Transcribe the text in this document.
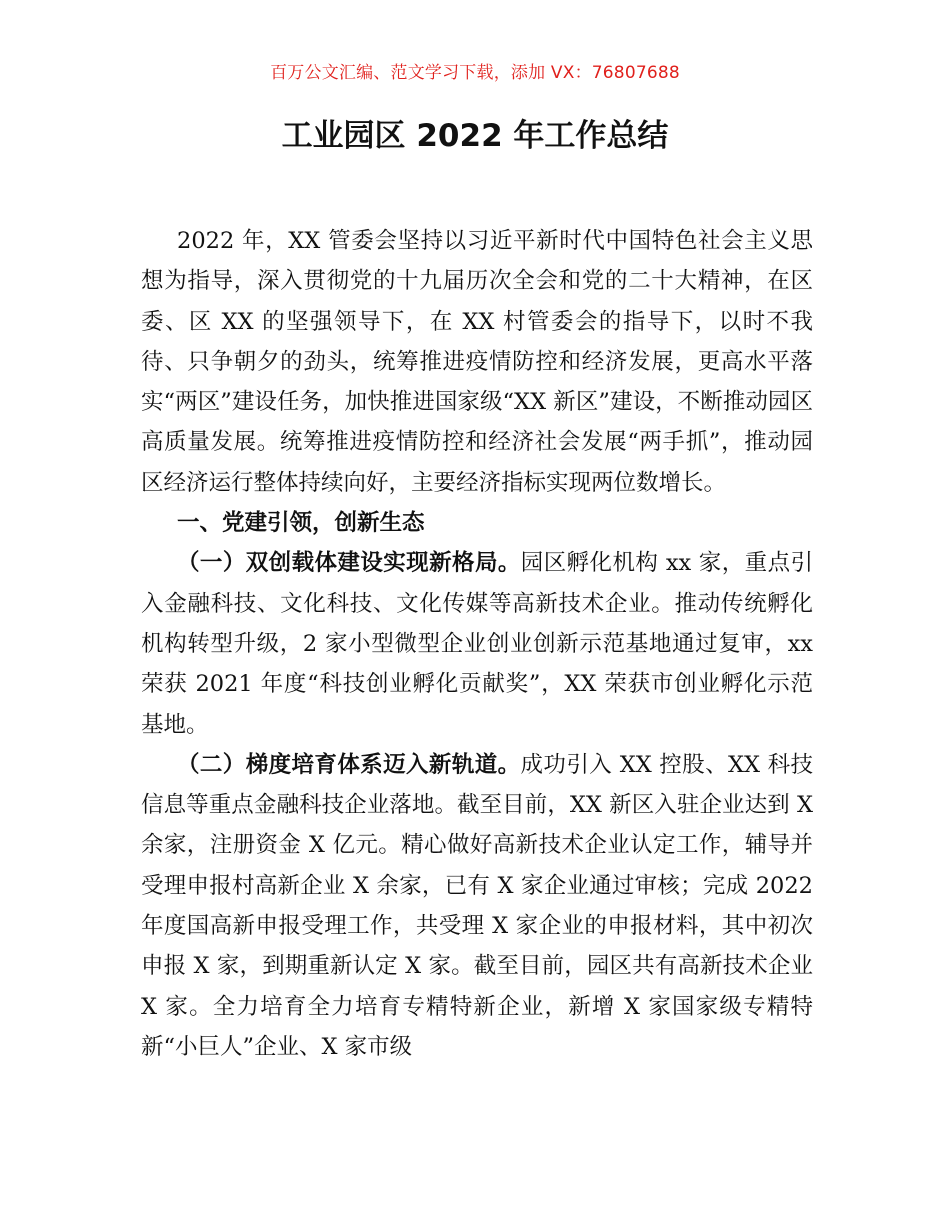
百万公文汇编、范文学习下载，添加 VX：76807688
工业园区 2022 年工作总结

2022 年，XX 管委会坚持以习近平新时代中国特色社会主义思想为指导，深入贯彻党的十九届历次全会和党的二十大精神，在区委、区 XX 的坚强领导下，在 XX 村管委会的指导下，以时不我待、只争朝夕的劲头，统筹推进疫情防控和经济发展，更高水平落实“两区”建设任务，加快推进国家级“XX 新区”建设，不断推动园区高质量发展。统筹推进疫情防控和经济社会发展“两手抓”，推动园区经济运行整体持续向好，主要经济指标实现两位数增长。

一、党建引领，创新生态

（一）双创载体建设实现新格局。园区孵化机构 xx 家，重点引入金融科技、文化科技、文化传媒等高新技术企业。推动传统孵化机构转型升级，2 家小型微型企业创业创新示范基地通过复审，xx 荣获 2021 年度“科技创业孵化贡献奖”，XX 荣获市创业孵化示范基地。

（二）梯度培育体系迈入新轨道。成功引入 XX 控股、XX 科技信息等重点金融科技企业落地。截至目前，XX 新区入驻企业达到 X 余家，注册资金 X 亿元。精心做好高新技术企业认定工作，辅导并受理申报村高新企业 X 余家，已有 X 家企业通过审核；完成 2022 年度国高新申报受理工作，共受理 X 家企业的申报材料，其中初次申报 X 家，到期重新认定 X 家。截至目前，园区共有高新技术企业 X 家。全力培育全力培育专精特新企业，新增 X 家国家级专精特新“小巨人”企业、X 家市级
